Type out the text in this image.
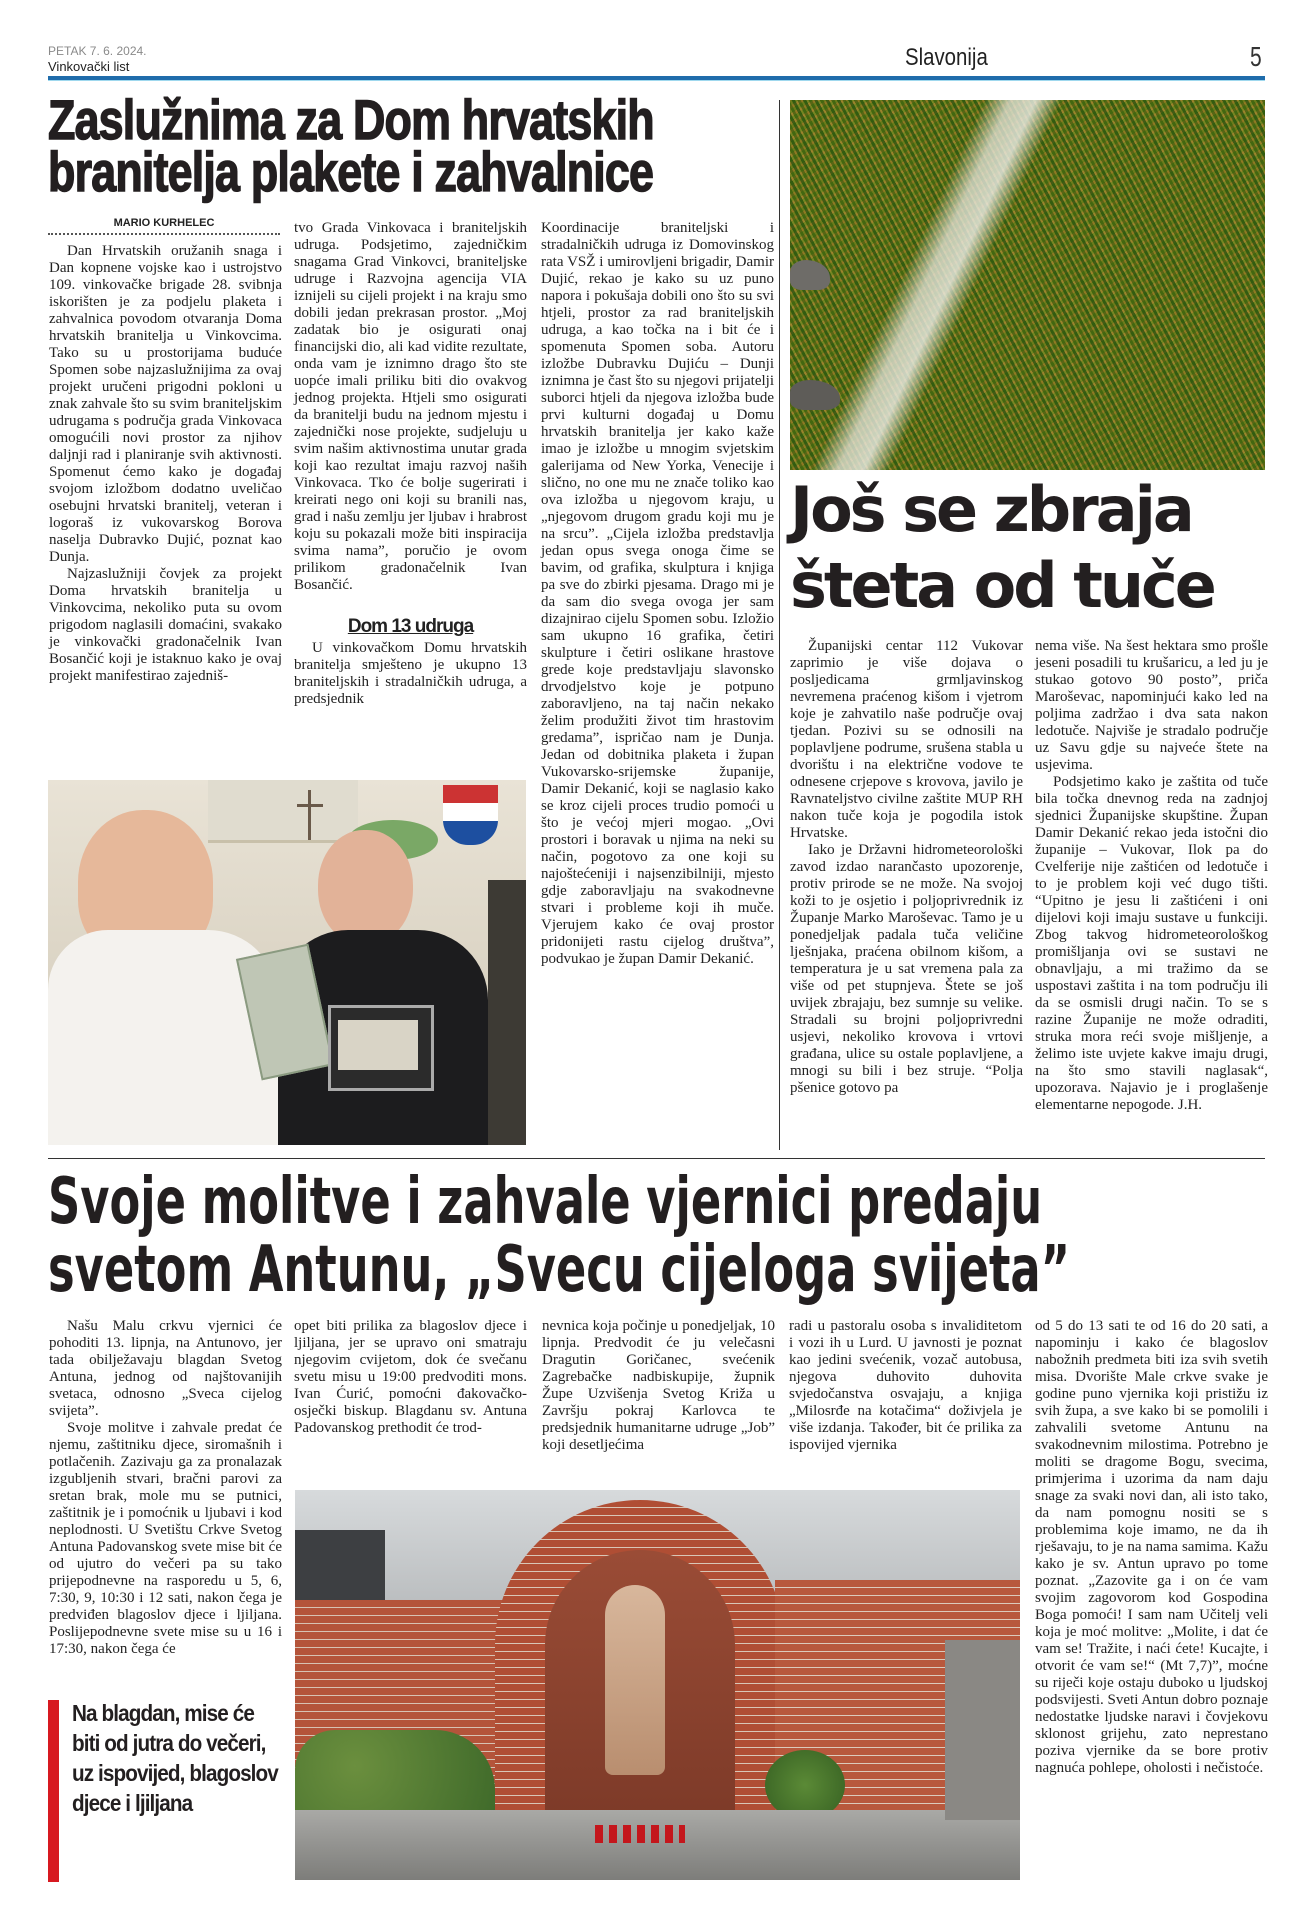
PETAK 7. 6. 2024.
Vinkovački list	Slavonija	5
Zaslužnima za Dom hrvatskih
branitelja plakete i zahvalnice
MARIO KURHELEC

Dan Hrvatskih oružanih snaga i Dan kopnene vojske kao i ustrojstvo 109. vinkovačke brigade 28. svibnja iskorišten je za podjelu plaketa i zahvalnica povodom otvaranja Doma hrvatskih branitelja u Vinkovcima. Tako su u prostorijama buduće Spomen sobe najzaslužnijima za ovaj projekt uručeni prigodni pokloni u znak zahvale što su svim braniteljskim udrugama s područja grada Vinkovaca omogućili novi prostor za njihov daljnji rad i planiranje svih aktivnosti. Spomenut ćemo kako je događaj svojom izložbom dodatno uveličao osebujni hrvatski branitelj, veteran i logoraš iz vukovarskog Borova naselja Dubravko Dujić, poznat kao Dunja.

Najzaslužniji čovjek za projekt Doma hrvatskih branitelja u Vinkovcima, nekoliko puta su ovom prigodom naglasili domaćini, svakako je vinkovački gradonačelnik Ivan Bosančić koji je istaknuo kako je ovaj projekt manifestirao zajedniš-

tvo Grada Vinkovaca i braniteljskih udruga. Podsjetimo, zajedničkim snagama Grad Vinkovci, braniteljske udruge i Razvojna agencija VIA iznijeli su cijeli projekt i na kraju smo dobili jedan prekrasan prostor. „Moj zadatak bio je osigurati onaj financijski dio, ali kad vidite rezultate, onda vam je iznimno drago što ste uopće imali priliku biti dio ovakvog jednog projekta. Htjeli smo osigurati da branitelji budu na jednom mjestu i zajednički nose projekte, sudjeluju u svim našim aktivnostima unutar grada koji kao rezultat imaju razvoj naših Vinkovaca. Tko će bolje sugerirati i kreirati nego oni koji su branili nas, grad i našu zemlju jer ljubav i hrabrost koju su pokazali može biti inspiracija svima nama”, poručio je ovom prilikom gradonačelnik Ivan Bosančić.

Dom 13 udruga

U vinkovačkom Domu hrvatskih branitelja smješteno je ukupno 13 braniteljskih i stradalničkih udruga, a predsjednik

Koordinacije braniteljski i stradalničkih udruga iz Domovinskog rata VSŽ i umirovljeni brigadir, Damir Dujić, rekao je kako su uz puno napora i pokušaja dobili ono što su svi htjeli, prostor za rad braniteljskih udruga, a kao točka na i bit će i spomenuta Spomen soba. Autoru izložbe Dubravku Dujiću – Dunji iznimna je čast što su njegovi prijatelji suborci htjeli da njegova izložba bude prvi kulturni događaj u Domu hrvatskih branitelja jer kako kaže imao je izložbe u mnogim svjetskim galerijama od New Yorka, Venecije i slično, no one mu ne znače toliko kao ova izložba u njegovom kraju, u „njegovom drugom gradu koji mu je na srcu”. „Cijela izložba predstavlja jedan opus svega onoga čime se bavim, od grafika, skulptura i knjiga pa sve do zbirki pjesama. Drago mi je da sam dio svega ovoga jer sam dizajnirao cijelu Spomen sobu. Izložio sam ukupno 16 grafika, četiri skulpture i četiri oslikane hrastove grede koje predstavljaju slavonsko drvodjelstvo koje je potpuno zaboravljeno, na taj način nekako želim produžiti život tim hrastovim gredama”, ispričao nam je Dunja. Jedan od dobitnika plaketa i župan Vukovarsko-srijemske županije, Damir Dekanić, koji se naglasio kako se kroz cijeli proces trudio pomoći u što je većoj mjeri mogao. „Ovi prostori i boravak u njima na neki su način, pogotovo za one koji su najoštećeniji i najsenzibilniji, mjesto gdje zaboravljaju na svakodnevne stvari i probleme koji ih muče. Vjerujem kako će ovaj prostor pridonijeti rastu cijelog društva”, podvukao je župan Damir Dekanić.

Još se zbraja
šteta od tuče

Županijski centar 112 Vukovar zaprimio je više dojava o posljedicama grmljavinskog nevremena praćenog kišom i vjetrom koje je zahvatilo naše područje ovaj tjedan. Pozivi su se odnosili na poplavljene podrume, srušena stabla u dvorištu i na električne vodove te odnesene crjepove s krovova, javilo je Ravnateljstvo civilne zaštite MUP RH nakon tuče koja je pogodila istok Hrvatske.

Iako je Državni hidrometeorološki zavod izdao narančasto upozorenje, protiv prirode se ne može. Na svojoj koži to je osjetio i poljoprivrednik iz Županje Marko Maroševac. Tamo je u ponedjeljak padala tuča veličine lješnjaka, praćena obilnom kišom, a temperatura je u sat vremena pala za više od pet stupnjeva. Štete se još uvijek zbrajaju, bez sumnje su velike. Stradali su brojni poljoprivredni usjevi, nekoliko krovova i vrtovi građana, ulice su ostale poplavljene, a mnogi su bili i bez struje. “Polja pšenice gotovo pa

nema više. Na šest hektara smo prošle jeseni posadili tu krušaricu, a led ju je stukao gotovo 90 posto”, priča Maroševac, napominjući kako led na poljima zadržao i dva sata nakon ledotuče. Najviše je stradalo područje uz Savu gdje su najveće štete na usjevima.

Podsjetimo kako je zaštita od tuče bila točka dnevnog reda na zadnjoj sjednici Županijske skupštine. Župan Damir Dekanić rekao jeda istočni dio županije – Vukovar, Ilok pa do Cvelferije nije zaštićen od ledotuče i to je problem koji već dugo tišti. “Upitno je jesu li zaštićeni i oni dijelovi koji imaju sustave u funkciji. Zbog takvog hidrometeorološkog promišljanja ovi se sustavi ne obnavljaju, a mi tražimo da se uspostavi zaštita i na tom području ili da se osmisli drugi način. To se s razine Županije ne može odraditi, struka mora reći svoje mišljenje, a želimo iste uvjete kakve imaju drugi, na što smo stavili naglasak“, upozorava. Najavio je i proglašenje elementarne nepogode. J.H.

Svoje molitve i zahvale vjernici predaju
svetom Antunu, „Svecu cijeloga svijeta”

Našu Malu crkvu vjernici će pohoditi 13. lipnja, na Antunovo, jer tada obilježavaju blagdan Svetog Antuna, jednog od najštovanijih svetaca, odnosno „Sveca cijelog svijeta”.

Svoje molitve i zahvale predat će njemu, zaštitniku djece, siromašnih i potlačenih. Zazivaju ga za pronalazak izgubljenih stvari, bračni parovi za sretan brak, mole mu se putnici, zaštitnik je i pomoćnik u ljubavi i kod neplodnosti. U Svetištu Crkve Svetog Antuna Padovanskog svete mise bit će od ujutro do večeri pa su tako prijepodnevne na rasporedu u 5, 6, 7:30, 9, 10:30 i 12 sati, nakon čega je predviđen blagoslov djece i ljiljana. Poslijepodnevne svete mise su u 16 i 17:30, nakon čega će

opet biti prilika za blagoslov djece i ljiljana, jer se upravo oni smatraju njegovim cvijetom, dok će svečanu svetu misu u 19:00 predvoditi mons. Ivan Ćurić, pomoćni đakovačko-osječki biskup. Blagdanu sv. Antuna Padovanskog prethodit će trod-

nevnica koja počinje u ponedjeljak, 10 lipnja. Predvodit će ju velečasni Dragutin Goričanec, svećenik Zagrebačke nadbiskupije, župnik Župe Uzvišenja Svetog Križa u Završju pokraj Karlovca te predsjednik humanitarne udruge „Job” koji desetljećima

radi u pastoralu osoba s invaliditetom i vozi ih u Lurd. U javnosti je poznat kao jedini svećenik, vozač autobusa, njegova duhovito duhovita svjedočanstva osvajaju, a knjiga „Milosrđe na kotačima“ doživjela je više izdanja. Također, bit će prilika za ispovijed vjernika

od 5 do 13 sati te od 16 do 20 sati, a napominju i kako će blagoslov nabožnih predmeta biti iza svih svetih misa. Dvorište Male crkve svake je godine puno vjernika koji pristižu iz svih župa, a sve kako bi se pomolili i zahvalili svetome Antunu na svakodnevnim milostima. Potrebno je moliti se dragome Bogu, svecima, primjerima i uzorima da nam daju snage za svaki novi dan, ali isto tako, da nam pomognu nositi se s problemima koje imamo, ne da ih rješavaju, to je na nama samima. Kažu kako je sv. Antun upravo po tome poznat. „Zazovite ga i on će vam svojim zagovorom kod Gospodina Boga pomoći! I sam nam Učitelj veli koja je moć molitve: „Molite, i dat će vam se! Tražite, i naći ćete! Kucajte, i otvorit će vam se!“ (Mt 7,7)”, moćne su riječi koje ostaju duboko u ljudskoj podsvijesti. Sveti Antun dobro poznaje nedostatke ljudske naravi i čovjekovu sklonost grijehu, zato neprestano poziva vjernike da se bore protiv nagnuća pohlepe, oholosti i nečistoće.

Na blagdan, mise će biti od jutra do večeri, uz ispovijed, blagoslov djece i ljiljana
